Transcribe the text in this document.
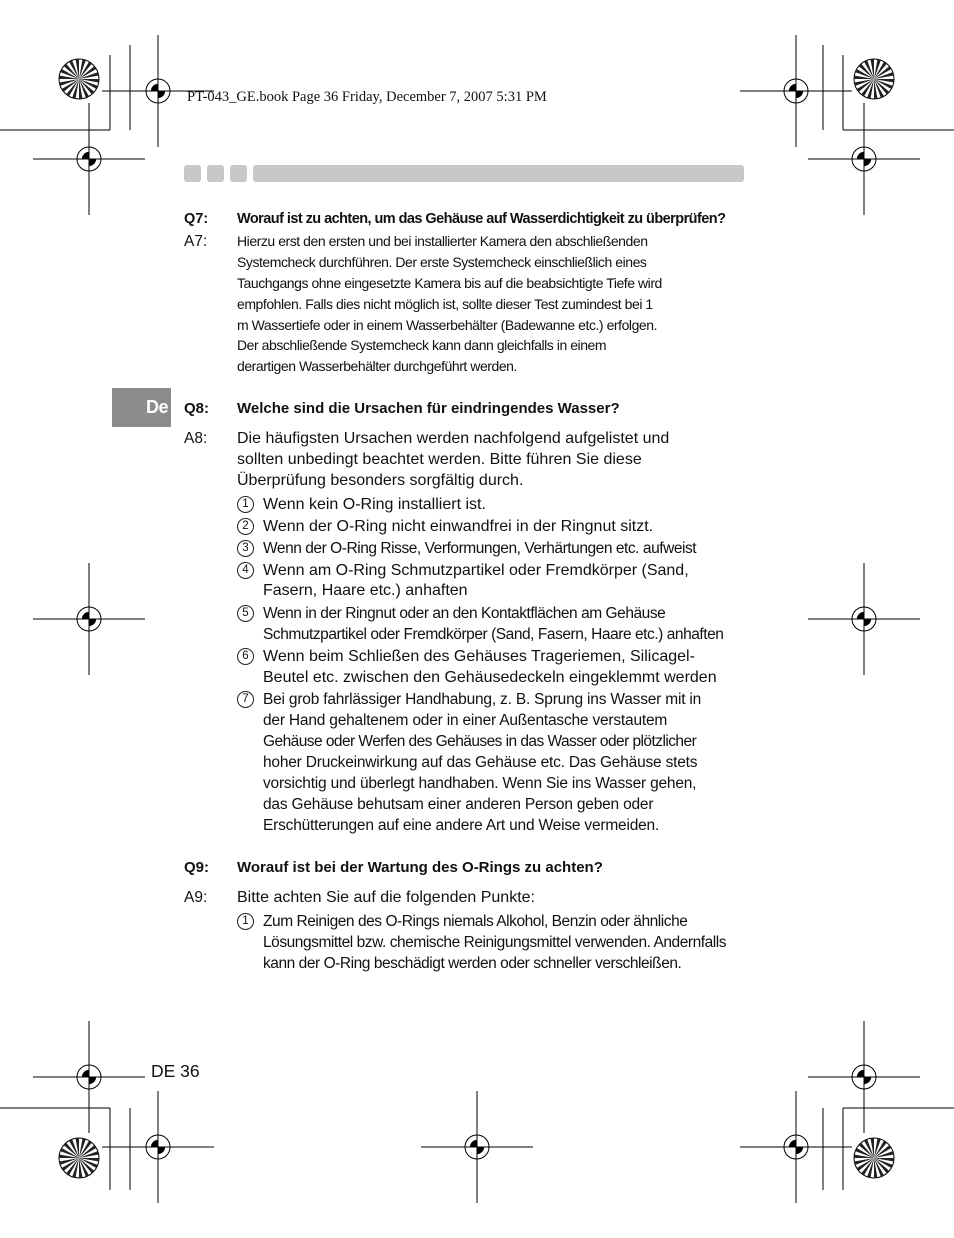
PT-043_GE.book Page 36 Friday, December 7, 2007 5:31 PM
De
Q7: Worauf ist zu achten, um das Gehäuse auf Wasserdichtigkeit zu überprüfen?
A7: Hierzu erst den ersten und bei installierter Kamera den abschließenden
Systemcheck durchführen. Der erste Systemcheck einschließlich eines
Tauchgangs ohne eingesetzte Kamera bis auf die beabsichtigte Tiefe wird
empfohlen. Falls dies nicht möglich ist, sollte dieser Test zumindest bei 1
m Wassertiefe oder in einem Wasserbehälter (Badewanne etc.) erfolgen.
Der abschließende Systemcheck kann dann gleichfalls in einem
derartigen Wasserbehälter durchgeführt werden.
Q8: Welche sind die Ursachen für eindringendes Wasser?
A8: Die häufigsten Ursachen werden nachfolgend aufgelistet und
sollten unbedingt beachtet werden. Bitte führen Sie diese
Überprüfung besonders sorgfältig durch.
1 Wenn kein O-Ring installiert ist.
2 Wenn der O-Ring nicht einwandfrei in der Ringnut sitzt.
3 Wenn der O-Ring Risse, Verformungen, Verhärtungen etc. aufweist
4 Wenn am O-Ring Schmutzpartikel oder Fremdkörper (Sand,
Fasern, Haare etc.) anhaften
5 Wenn in der Ringnut oder an den Kontaktflächen am Gehäuse
Schmutzpartikel oder Fremdkörper (Sand, Fasern, Haare etc.) anhaften
6 Wenn beim Schließen des Gehäuses Trageriemen, Silicagel-
Beutel etc. zwischen den Gehäusedeckeln eingeklemmt werden
7 Bei grob fahrlässiger Handhabung, z. B. Sprung ins Wasser mit in
der Hand gehaltenem oder in einer Außentasche verstautem
Gehäuse oder Werfen des Gehäuses in das Wasser oder plötzlicher
hoher Druckeinwirkung auf das Gehäuse etc. Das Gehäuse stets
vorsichtig und überlegt handhaben. Wenn Sie ins Wasser gehen,
das Gehäuse behutsam einer anderen Person geben oder
Erschütterungen auf eine andere Art und Weise vermeiden.
Q9: Worauf ist bei der Wartung des O-Rings zu achten?
A9: Bitte achten Sie auf die folgenden Punkte:
1 Zum Reinigen des O-Rings niemals Alkohol, Benzin oder ähnliche
Lösungsmittel bzw. chemische Reinigungsmittel verwenden. Andernfalls
kann der O-Ring beschädigt werden oder schneller verschleißen.
DE 36
